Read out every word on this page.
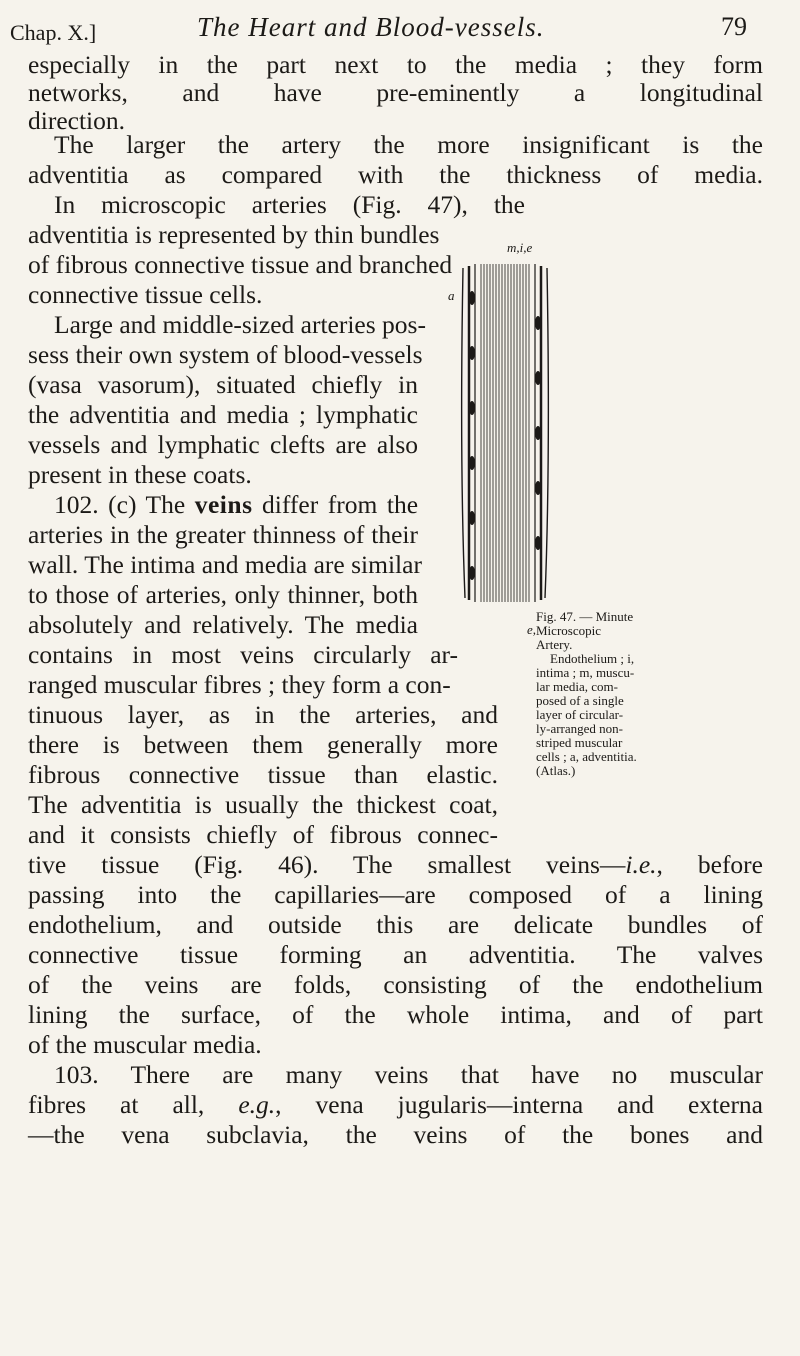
Chap. X.]	The Heart and Blood-vessels.	79
especially in the part next to the media ; they form
networks, and have pre-eminently a longitudinal
direction.
The larger the artery the more insignificant is the
adventitia as compared with the thickness of media.
In microscopic arteries (Fig. 47), the
adventitia is represented by thin bundles
of fibrous connective tissue and branched
connective tissue cells.
Large and middle-sized arteries pos-
sess their own system of blood-vessels
(vasa vasorum), situated chiefly in
the adventitia and media ; lymphatic
vessels and lymphatic clefts are also
present in these coats.
102. (c) The veins differ from the
arteries in the greater thinness of their
wall. The intima and media are similar
to those of arteries, only thinner, both
absolutely and relatively. The media
contains in most veins circularly ar-
ranged muscular fibres ; they form a con-
tinuous layer, as in the arteries, and
there is between them generally more
fibrous connective tissue than elastic.
The adventitia is usually the thickest coat,
and it consists chiefly of fibrous connec-
tive tissue (Fig. 46). The smallest veins—i.e., before
passing into the capillaries—are composed of a lining
endothelium, and outside this are delicate bundles of
connective tissue forming an adventitia. The valves
of the veins are folds, consisting of the endothelium
lining the surface, of the whole intima, and of part
of the muscular media.
103. There are many veins that have no muscular
fibres at all, e.g., vena jugularis—interna and externa
—the vena subclavia, the veins of the bones and
m,i,e
a
e,
Fig. 47. — Minute
Microscopic
Artery.
Endothelium ; i,
intima ; m, muscu-
lar media, com-
posed of a single
layer of circular-
ly-arranged non-
striped muscular
cells ; a, adventitia.
(Atlas.)
